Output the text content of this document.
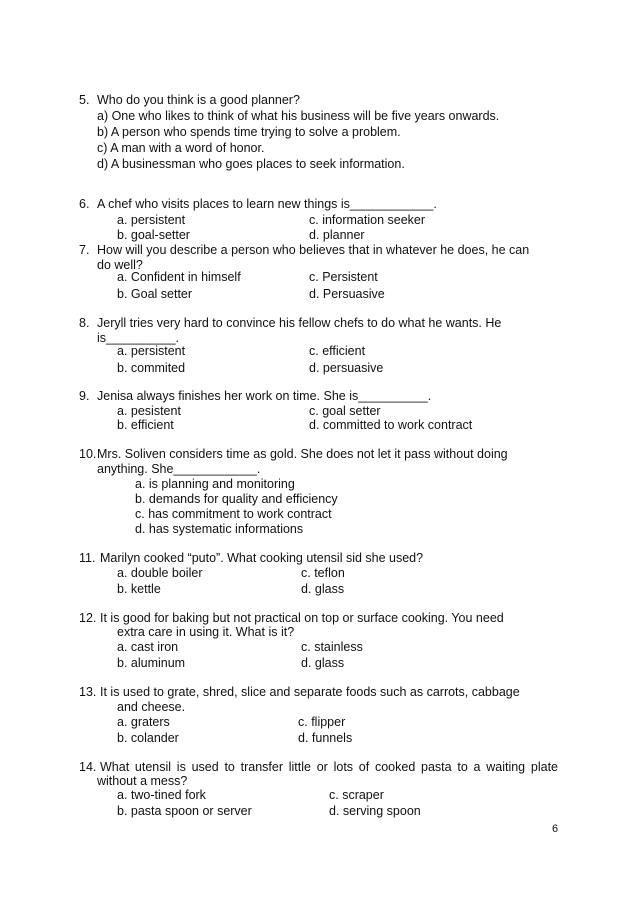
5. Who do you think is a good planner?
a) One who likes to think of what his business will be five years onwards.
b) A person who spends time trying to solve a problem.
c) A man with a word of honor.
d) A businessman who goes places to seek information.
6. A chef who visits places to learn new things is____________.
a. persistent	c. information seeker
b. goal-setter	d. planner
7. How will you describe a person who believes that in whatever he does, he can
do well?
a. Confident in himself	c. Persistent
b. Goal setter	d. Persuasive
8. Jeryll tries very hard to convince his fellow chefs to do what he wants. He
is__________.
a. persistent	c. efficient
b. commited	d. persuasive
9. Jenisa always finishes her work on time. She is__________.
a. pesistent	c. goal setter
b. efficient	d. committed to work contract
10. Mrs. Soliven considers time as gold. She does not let it pass without doing
anything. She____________.
a. is planning and monitoring
b. demands for quality and efficiency
c. has commitment to work contract
d. has systematic informations
11. Marilyn cooked “puto”. What cooking utensil sid she used?
a. double boiler	c. teflon
b. kettle	d. glass
12. It is good for baking but not practical on top or surface cooking. You need
extra care in using it. What is it?
a. cast iron	c. stainless
b. aluminum	d. glass
13. It is used to grate, shred, slice and separate foods such as carrots, cabbage
and cheese.
a. graters	c. flipper
b. colander	d. funnels
14. What utensil is used to transfer little or lots of cooked pasta to a waiting plate
without a mess?
a. two-tined fork	c. scraper
b. pasta spoon or server	d. serving spoon
6
